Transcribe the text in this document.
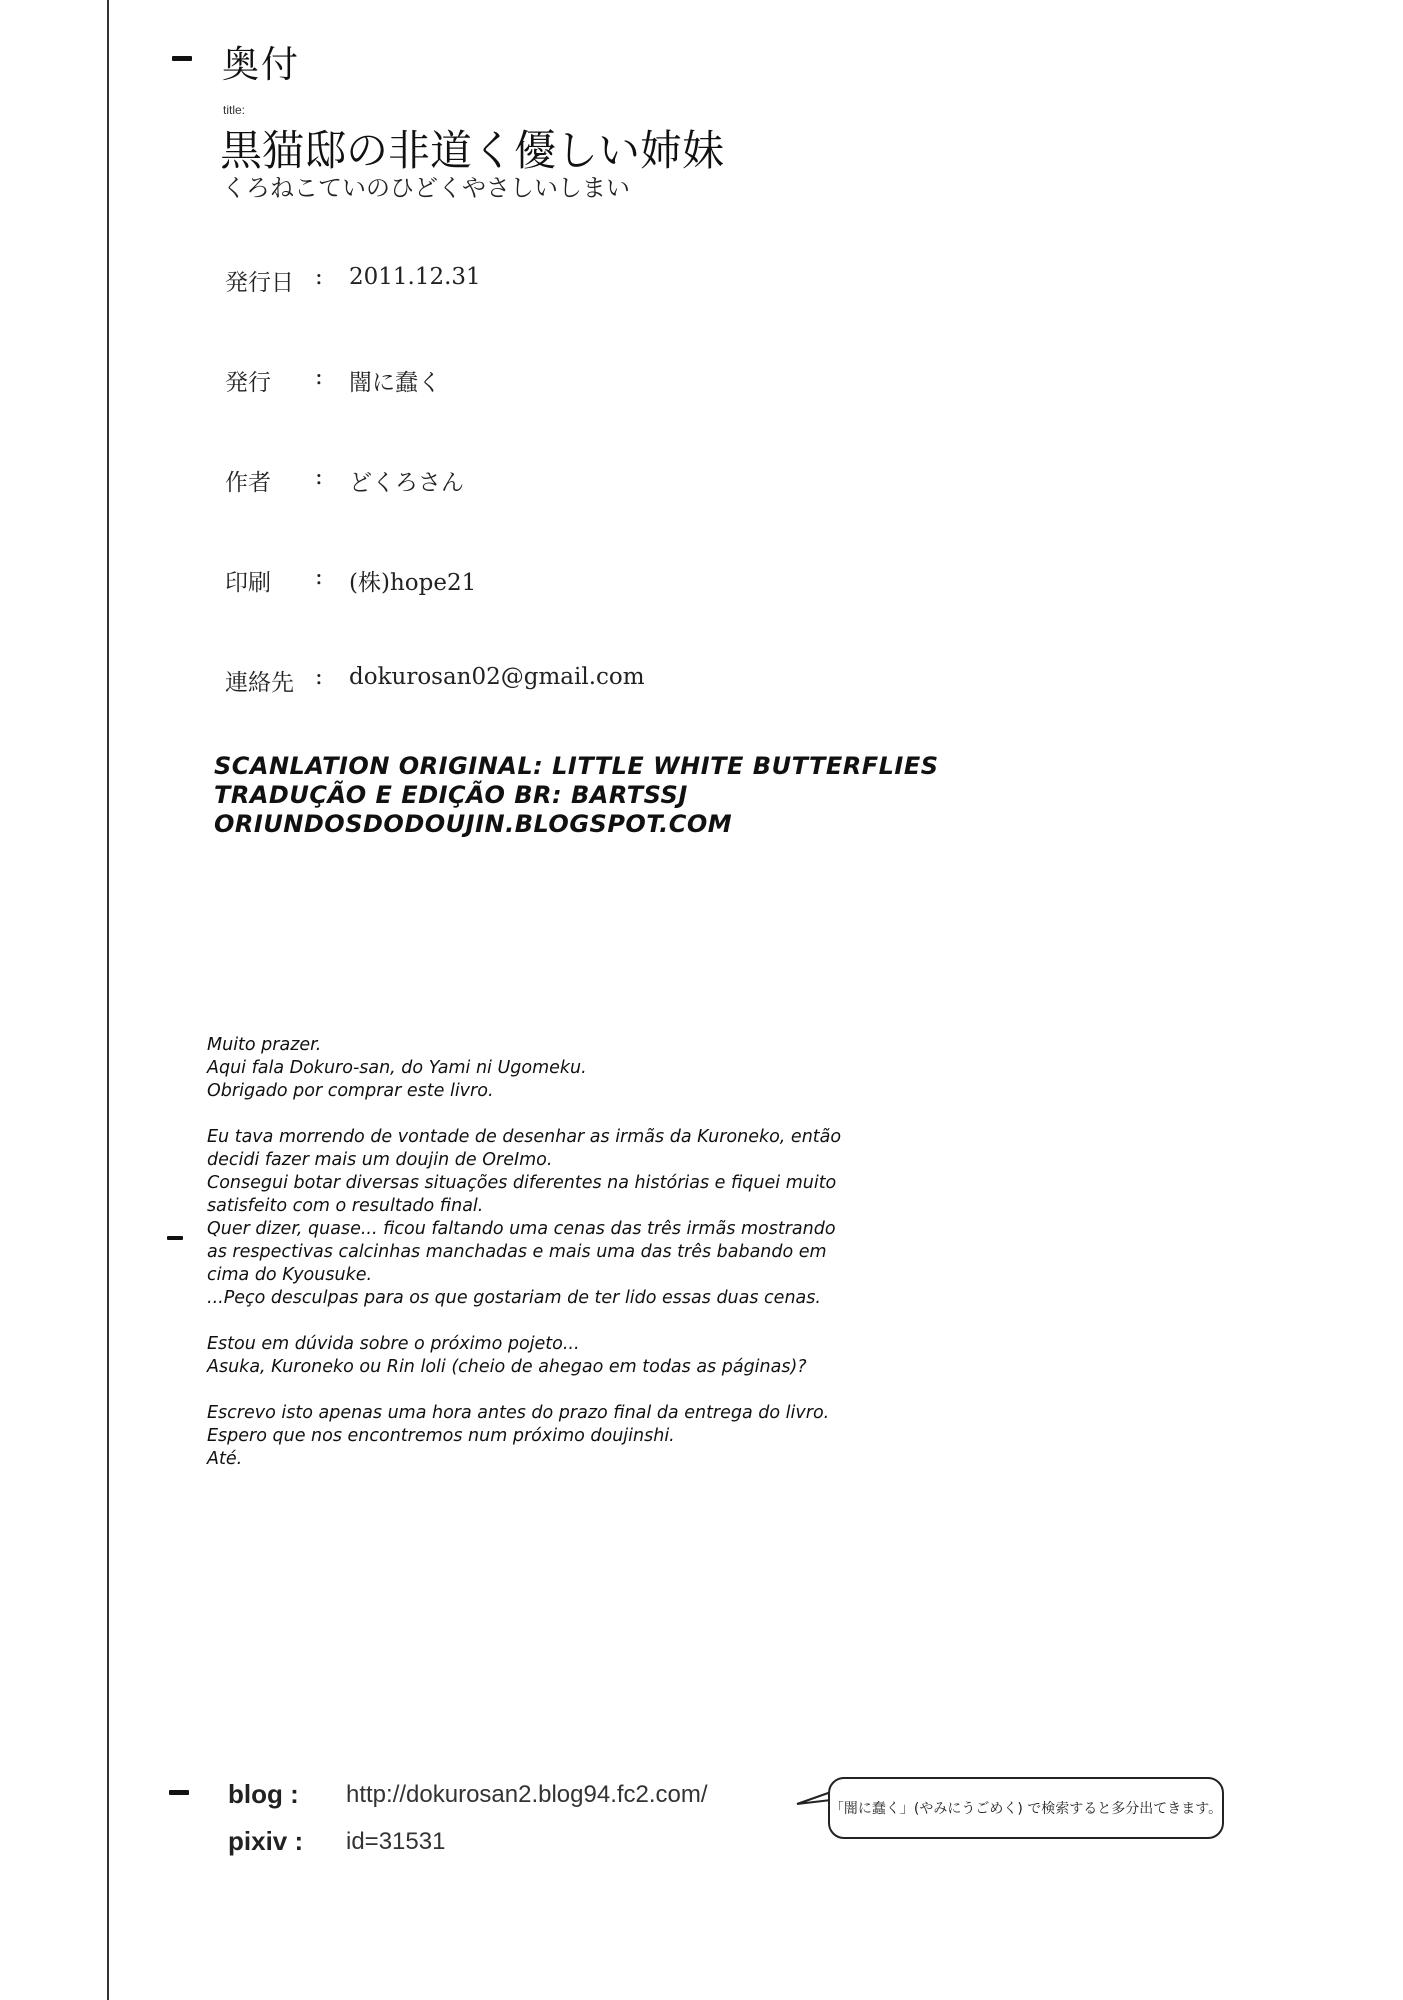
奥付
title:
黒猫邸の非道く優しい姉妹
くろねこていのひどくやさしいしまい
発行日 : 2011.12.31
発行	: 闇に蠢く
作者	: どくろさん
印刷	: (株)hope21
連絡先 : dokurosan02@gmail.com
SCANLATION ORIGINAL: LITTLE WHITE BUTTERFLIES
TRADUÇÃO E EDIÇÃO BR: BARTSSJ
ORIUNDOSDODOUJIN.BLOGSPOT.COM
Muito prazer.
Aqui fala Dokuro-san, do Yami ni Ugomeku.
Obrigado por comprar este livro.
Eu tava morrendo de vontade de desenhar as irmãs da Kuroneko, então
decidi fazer mais um doujin de OreImo.
Consegui botar diversas situações diferentes na histórias e fiquei muito
satisfeito com o resultado final.
Quer dizer, quase... ficou faltando uma cenas das três irmãs mostrando
as respectivas calcinhas manchadas e mais uma das três babando em
cima do Kyousuke.
...Peço desculpas para os que gostariam de ter lido essas duas cenas.
Estou em dúvida sobre o próximo pojeto...
Asuka, Kuroneko ou Rin loli (cheio de ahegao em todas as páginas)?
Escrevo isto apenas uma hora antes do prazo final da entrega do livro.
Espero que nos encontremos num próximo doujinshi.
Até.
blog : http://dokurosan2.blog94.fc2.com/
pixiv : id=31531
「闇に蠢く」(やみにうごめく) で検索すると多分出てきます。
